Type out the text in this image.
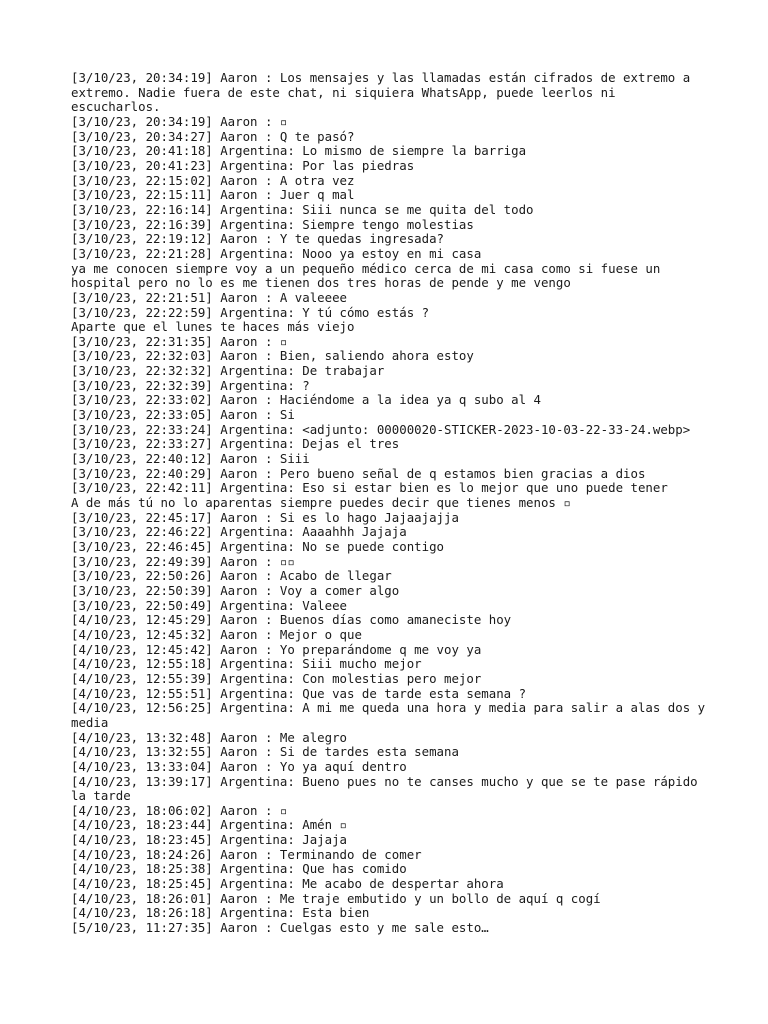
[3/10/23, 20:34:19] Aaron : Los mensajes y las llamadas están cifrados de extremo a extremo. Nadie fuera de este chat, ni siquiera WhatsApp, puede leerlos ni escucharlos.

[3/10/23, 20:34:19] Aaron : ▫

[3/10/23, 20:34:27] Aaron : Q te pasó?

[3/10/23, 20:41:18] Argentina: Lo mismo de siempre la barriga

[3/10/23, 20:41:23] Argentina: Por las piedras

[3/10/23, 22:15:02] Aaron : A otra vez

[3/10/23, 22:15:11] Aaron : Juer q mal

[3/10/23, 22:16:14] Argentina: Siii nunca se me quita del todo

[3/10/23, 22:16:39] Argentina: Siempre tengo molestias

[3/10/23, 22:19:12] Aaron : Y te quedas ingresada?

[3/10/23, 22:21:28] Argentina: Nooo ya estoy en mi casa

ya me conocen siempre voy a un pequeño médico cerca de mi casa como si fuese un hospital pero no lo es me tienen dos tres horas de pende y me vengo

[3/10/23, 22:21:51] Aaron : A valeeee

[3/10/23, 22:22:59] Argentina: Y tú cómo estás ?

Aparte que el lunes te haces más viejo

[3/10/23, 22:31:35] Aaron : ▫

[3/10/23, 22:32:03] Aaron : Bien, saliendo ahora estoy

[3/10/23, 22:32:32] Argentina: De trabajar

[3/10/23, 22:32:39] Argentina: ?

[3/10/23, 22:33:02] Aaron : Haciéndome a la idea ya q subo al 4

[3/10/23, 22:33:05] Aaron : Si

[3/10/23, 22:33:24] Argentina: <adjunto: 00000020-STICKER-2023-10-03-22-33-24.webp>

[3/10/23, 22:33:27] Argentina: Dejas el tres

[3/10/23, 22:40:12] Aaron : Siii

[3/10/23, 22:40:29] Aaron : Pero bueno señal de q estamos bien gracias a dios

[3/10/23, 22:42:11] Argentina: Eso si estar bien es lo mejor que uno puede tener

A de más tú no lo aparentas siempre puedes decir que tienes menos ▫

[3/10/23, 22:45:17] Aaron : Si es lo hago Jajaajajja

[3/10/23, 22:46:22] Argentina: Aaaahhh Jajaja

[3/10/23, 22:46:45] Argentina: No se puede contigo

[3/10/23, 22:49:39] Aaron : ▫▫

[3/10/23, 22:50:26] Aaron : Acabo de llegar

[3/10/23, 22:50:39] Aaron : Voy a comer algo

[3/10/23, 22:50:49] Argentina: Valeee

[4/10/23, 12:45:29] Aaron : Buenos días como amaneciste hoy

[4/10/23, 12:45:32] Aaron : Mejor o que

[4/10/23, 12:45:42] Aaron : Yo preparándome q me voy ya

[4/10/23, 12:55:18] Argentina: Siii mucho mejor

[4/10/23, 12:55:39] Argentina: Con molestias pero mejor

[4/10/23, 12:55:51] Argentina: Que vas de tarde esta semana ?

[4/10/23, 12:56:25] Argentina: A mi me queda una hora y media para salir a alas dos y media

[4/10/23, 13:32:48] Aaron : Me alegro

[4/10/23, 13:32:55] Aaron : Si de tardes esta semana

[4/10/23, 13:33:04] Aaron : Yo ya aquí dentro

[4/10/23, 13:39:17] Argentina: Bueno pues no te canses mucho y que se te pase rápido la tarde

[4/10/23, 18:06:02] Aaron : ▫

[4/10/23, 18:23:44] Argentina: Amén ▫

[4/10/23, 18:23:45] Argentina: Jajaja

[4/10/23, 18:24:26] Aaron : Terminando de comer

[4/10/23, 18:25:38] Argentina: Que has comido

[4/10/23, 18:25:45] Argentina: Me acabo de despertar ahora

[4/10/23, 18:26:01] Aaron : Me traje embutido y un bollo de aquí q cogí

[4/10/23, 18:26:18] Argentina: Esta bien

[5/10/23, 11:27:35] Aaron : Cuelgas esto y me sale esto…
